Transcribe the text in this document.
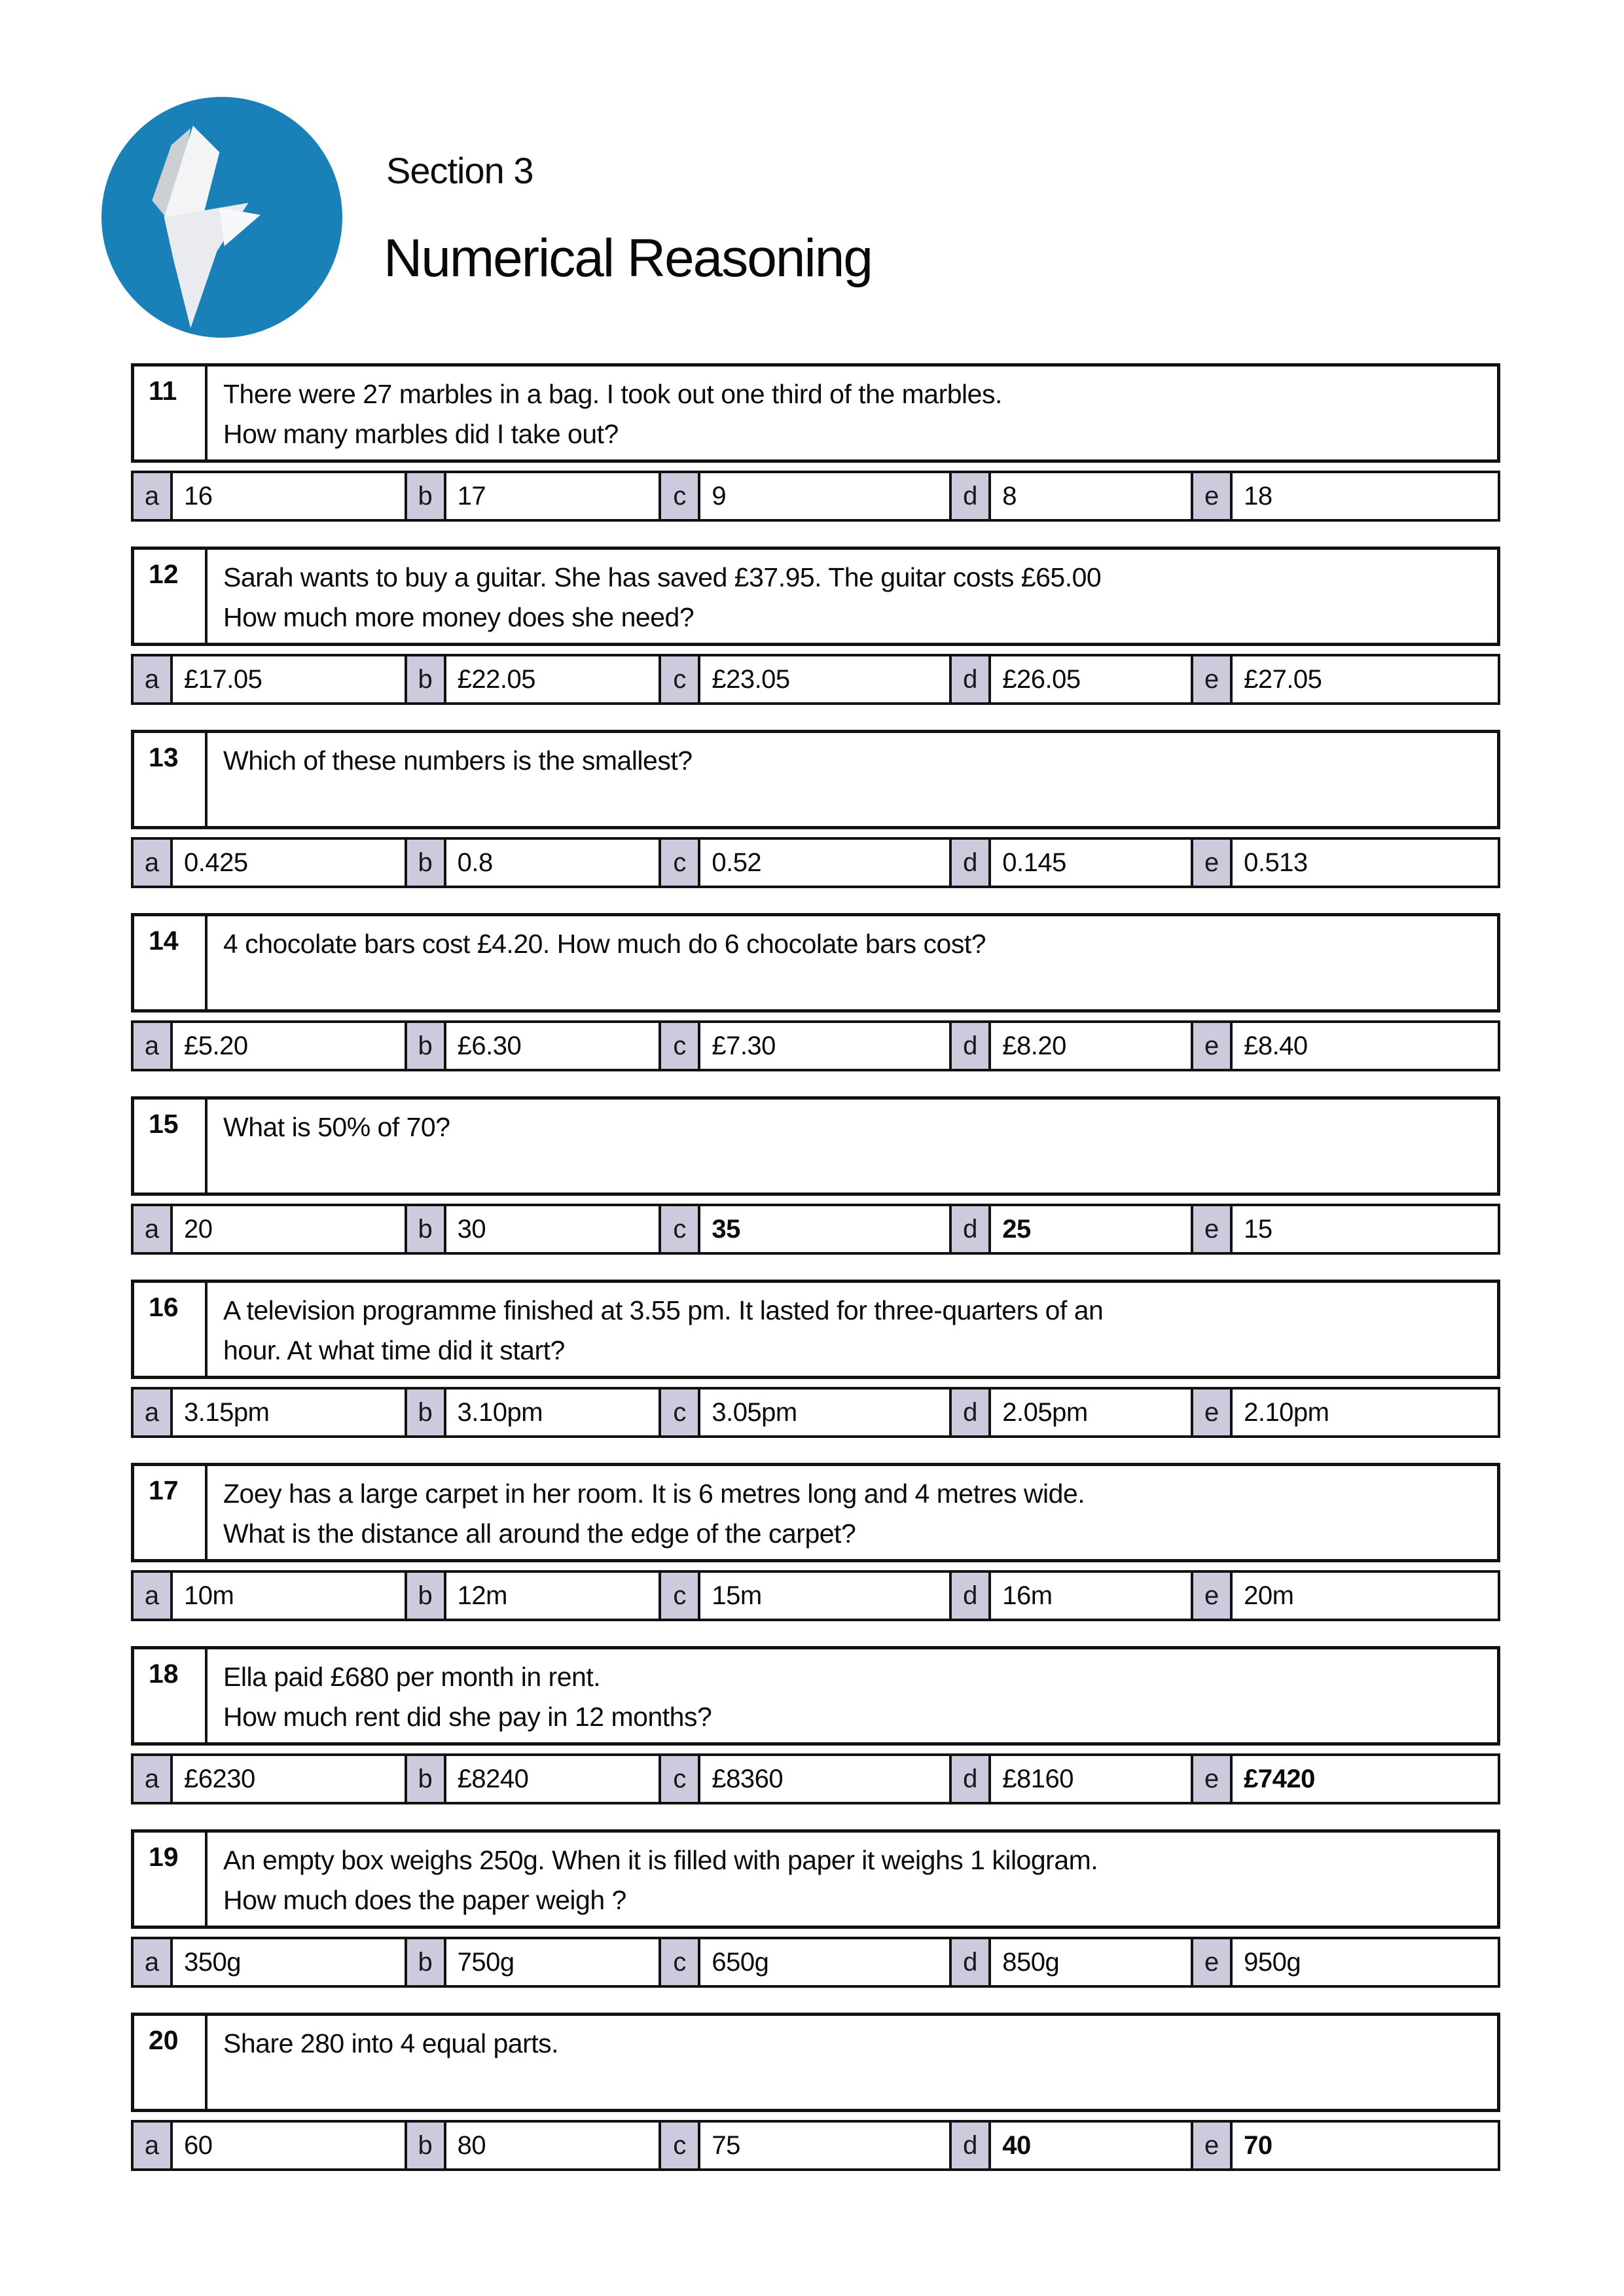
Section 3
Numerical Reasoning
11	There were 27 marbles in a bag. I took out one third of the marbles.
How many marbles did I take out?
a 16	b 17	c 9	d 8	e 18
12	Sarah wants to buy a guitar. She has saved £37.95. The guitar costs £65.00
How much more money does she need?
a £17.05	b £22.05	c £23.05	d £26.05	e £27.05
13	Which of these numbers is the smallest?
a 0.425	b 0.8	c 0.52	d 0.145	e 0.513
14	4 chocolate bars cost £4.20. How much do 6 chocolate bars cost?
a £5.20	b £6.30	c £7.30	d £8.20	e £8.40
15	What is 50% of 70?
a 20	b 30	c 35	d 25	e 15
16	A television programme finished at 3.55 pm. It lasted for three-quarters of an
hour. At what time did it start?
a 3.15pm	b 3.10pm	c 3.05pm	d 2.05pm	e 2.10pm
17	Zoey has a large carpet in her room. It is 6 metres long and 4 metres wide.
What is the distance all around the edge of the carpet?
a 10m	b 12m	c 15m	d 16m	e 20m
18	Ella paid £680 per month in rent.
How much rent did she pay in 12 months?
a £6230	b £8240	c £8360	d £8160	e £7420
19	An empty box weighs 250g. When it is filled with paper it weighs 1 kilogram.
How much does the paper weigh ?
a 350g	b 750g	c 650g	d 850g	e 950g
20	Share 280 into 4 equal parts.
a 60	b 80	c 75	d 40	e 70
